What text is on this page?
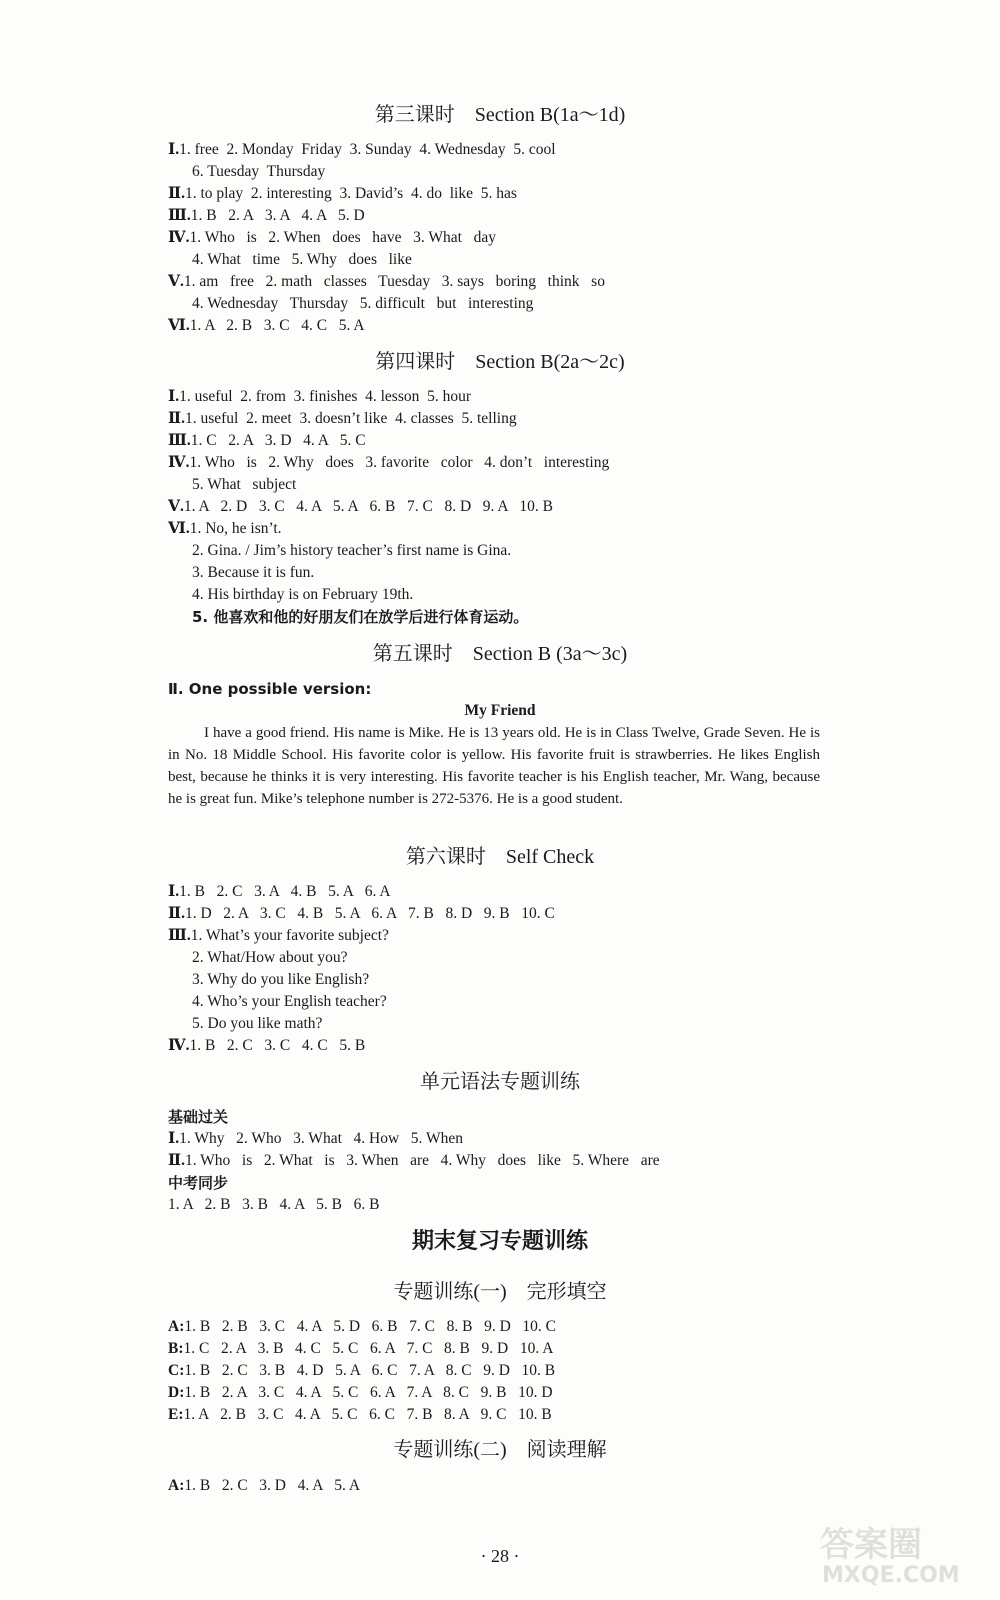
第三课时　Section B(1a～1d)
Ⅰ.1. free  2. Monday  Friday  3. Sunday  4. Wednesday  5. cool
6. Tuesday  Thursday
Ⅱ.1. to play  2. interesting  3. David’s  4. do  like  5. has
Ⅲ.1. B   2. A   3. A   4. A   5. D
Ⅳ.1. Who   is   2. When   does   have   3. What   day
4. What   time   5. Why   does   like
Ⅴ.1. am   free   2. math   classes   Tuesday   3. says   boring   think   so
4. Wednesday   Thursday   5. difficult   but   interesting
Ⅵ.1. A   2. B   3. C   4. C   5. A
第四课时　Section B(2a～2c)
Ⅰ.1. useful  2. from  3. finishes  4. lesson  5. hour
Ⅱ.1. useful  2. meet  3. doesn’t like  4. classes  5. telling
Ⅲ.1. C   2. A   3. D   4. A   5. C
Ⅳ.1. Who   is   2. Why   does   3. favorite   color   4. don’t   interesting
5. What   subject
Ⅴ.1. A   2. D   3. C   4. A   5. A   6. B   7. C   8. D   9. A   10. B
Ⅵ.1. No, he isn’t.
2. Gina. / Jim’s history teacher’s first name is Gina.
3. Because it is fun.
4. His birthday is on February 19th.
5. 他喜欢和他的好朋友们在放学后进行体育运动。
第五课时　Section B (3a～3c)
Ⅱ. One possible version:
My Friend
I have a good friend. His name is Mike. He is 13 years old. He is in Class Twelve, Grade Seven. He is in No. 18 Middle School. His favorite color is yellow. His favorite fruit is strawberries. He likes English best, because he thinks it is very interesting. His favorite teacher is his English teacher, Mr. Wang, because he is great fun. Mike’s telephone number is 272-5376. He is a good student.
第六课时　Self Check
Ⅰ.1. B   2. C   3. A   4. B   5. A   6. A
Ⅱ.1. D   2. A   3. C   4. B   5. A   6. A   7. B   8. D   9. B   10. C
Ⅲ.1. What’s your favorite subject?
2. What/How about you?
3. Why do you like English?
4. Who’s your English teacher?
5. Do you like math?
Ⅳ.1. B   2. C   3. C   4. C   5. B
单元语法专题训练
基础过关
Ⅰ.1. Why   2. Who   3. What   4. How   5. When
Ⅱ.1. Who   is   2. What   is   3. When   are   4. Why   does   like   5. Where   are
中考同步
1. A   2. B   3. B   4. A   5. B   6. B
期末复习专题训练
专题训练(一)　完形填空
A:1. B   2. B   3. C   4. A   5. D   6. B   7. C   8. B   9. D   10. C
B:1. C   2. A   3. B   4. C   5. C   6. A   7. C   8. B   9. D   10. A
C:1. B   2. C   3. B   4. D   5. A   6. C   7. A   8. C   9. D   10. B
D:1. B   2. A   3. C   4. A   5. C   6. A   7. A   8. C   9. B   10. D
E:1. A   2. B   3. C   4. A   5. C   6. C   7. B   8. A   9. C   10. B
专题训练(二)　阅读理解
A:1. B   2. C   3. D   4. A   5. A
· 28 ·	答案圈
MXQE.COM
